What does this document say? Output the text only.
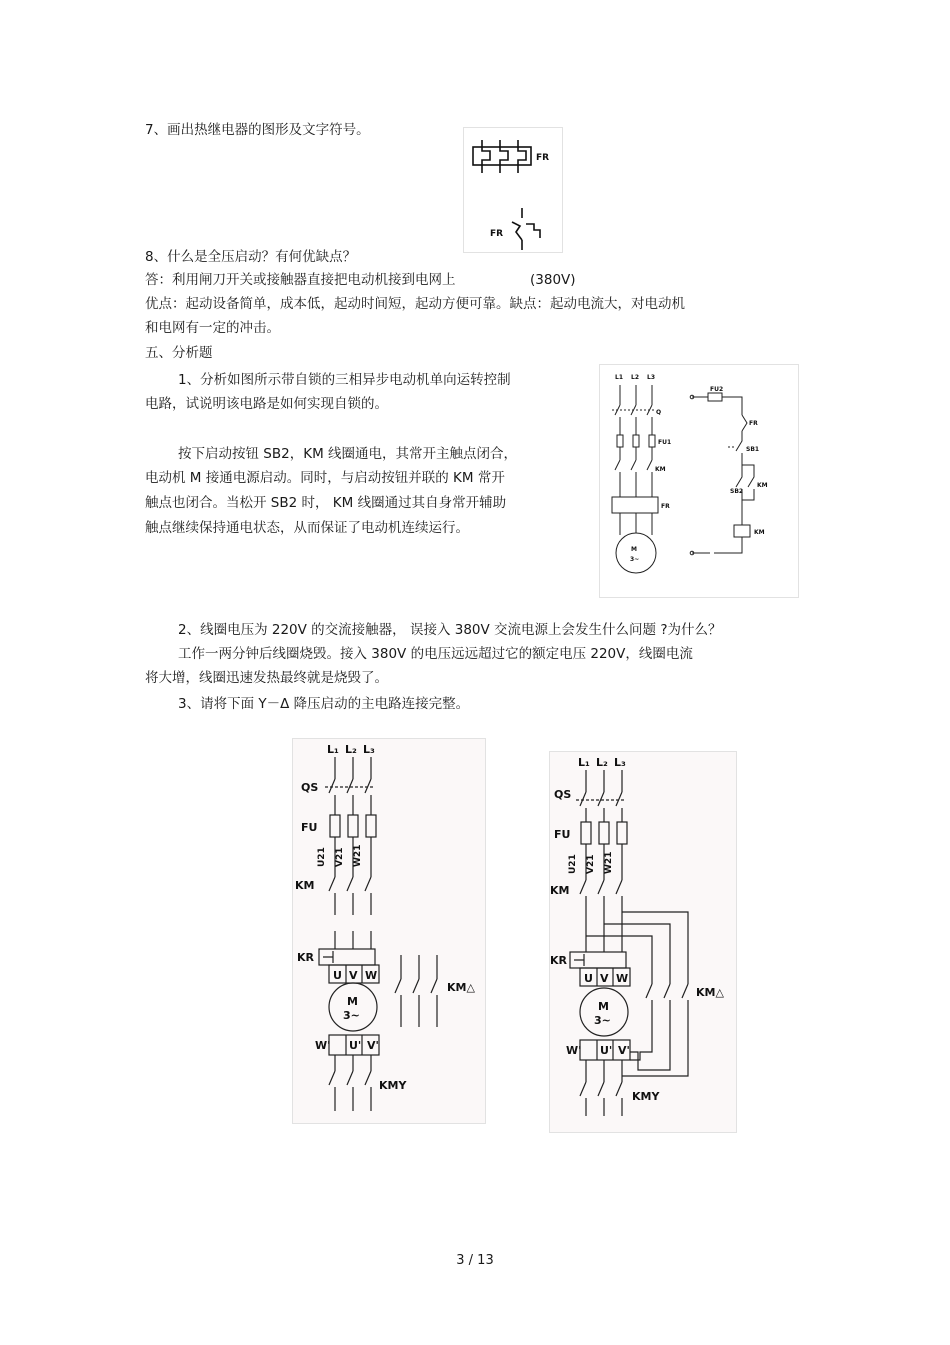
7、画出热继电器的图形及文字符号。

FR
FR

8、什么是全压启动？有何优缺点？

答：利用闸刀开关或接触器直接把电动机接到电网上	(380V)

优点：起动设备简单，成本低，起动时间短，起动方便可靠。缺点：起动电流大，对电动机

和电网有一定的冲击。

五、分析题

1、分析如图所示带自锁的三相异步电动机单向运转控制

电路，试说明该电路是如何实现自锁的。

按下启动按钮 SB2，KM 线圈通电，其常开主触点闭合，

电动机 M 接通电源启动。同时，与启动按钮并联的 KM 常开

触点也闭合。当松开 SB2 时， KM 线圈通过其自身常开辅助

触点继续保持通电状态，从而保证了电动机连续运行。

L1 L2 L3
Q
FU1
KM
FR
M
3~
FU2
FR
SB1
SB2
KM
KM

2、线圈电压为 220V 的交流接触器， 误接入 380V 交流电源上会发生什么问题 ?为什么？

工作一两分钟后线圈烧毁。接入 380V 的电压远远超过它的额定电压 220V，线圈电流

将大增，线圈迅速发热最终就是烧毁了。

3、请将下面 Y－Δ 降压启动的主电路连接完整。

L₁ L₂ L₃
QS
FU
KM
KR
U V W
M
3~
W' U' V'
KM△
KMY
U21 V21 W21
L₁ L₂ L₃
QS
FU
KM
KR
U V W
M
3~
W' U' V'
KM△
KMY
U21 V21 W21
3 / 13
